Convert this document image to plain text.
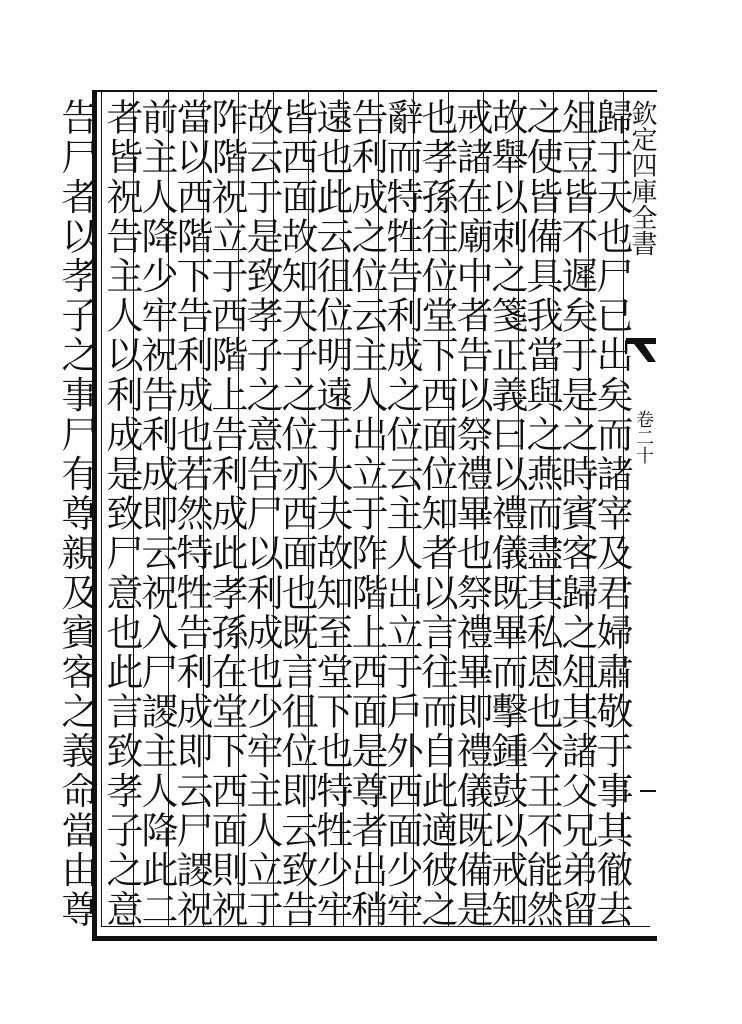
欽定四庫全書
卷二十
歸于天也尸已出矣而諸宰及君婦肅敬于事其徹去
俎豆皆不遲矣于是之時賓客歸之俎其諸父兄弟留
之使皆備具我當與之燕而盡其私恩也今王不能然
故舉以刺之箋正義曰以禮儀既畢而擊鍾鼓以戒知
戒諸在廟中者告以祭禮畢也祭禮畢即禮儀既備是
也孝孫往位堂下西面位知者以言往而自此適彼之
辭而特牲告利成之位云主人出立于戶外西面少牢
告利成之位云主人出立于阼階上西面是尊者出稍
遠也此云徂位明遠于大夫故知至堂下也特牲少牢
皆西面故知天子之位亦西面也既言徂位即云致告
故云于是致孝子之意告尸以利成也少牢主人立于
阼階祝立于西階上告利成此孝孫在堂下西面則祝
當以西階下告利成也若然特牲告利成即云尸謖祝
前主人降少牢祝告利成即云祝入尸謖主人降此二
者皆祝告主人以利成是致尸意也此言致孝子之意
告尸者以孝子之事尸有尊親及賓客之義命當由尊
